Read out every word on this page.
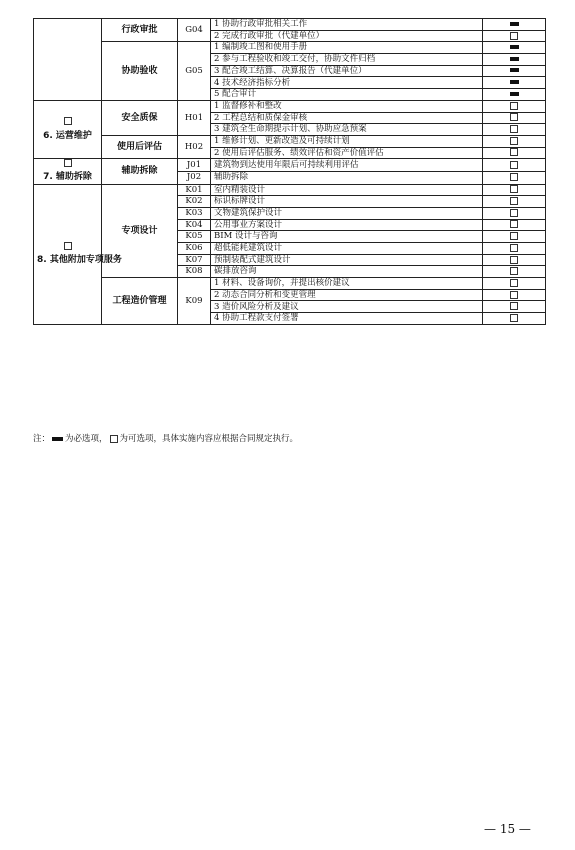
	行政审批	G04	1 协助行政审批相关工作	
			2 完成行政审批（代建单位）	
	协助验收	G05	1 编制竣工图和使用手册	
			2 参与工程验收和竣工交付，协助文件归档	
			3 配合竣工结算、决算报告（代建单位）	
			4 技术经济指标分析	
			5 配合审计	

6. 运营维护	安全质保	H01	1 监督修补和整改	
			2 工程总结和质保金审核	
			3 建筑全生命期提示计划、协助应急预案	
	使用后评估	H02	1 维修计划、更新改造及可持续计划	
			2 使用后评估服务、绩效评估和资产价值评估	

7. 辅助拆除	辅助拆除	J01	建筑物到达使用年限后可持续利用评估	
		J02	辅助拆除	

8. 其他附加专项服务	专项设计	K01	室内精装设计	
		K02	标识标牌设计	
		K03	文物建筑保护设计	
		K04	公用事业方案设计	
		K05	BIM 设计与咨询	
		K06	超低能耗建筑设计	
		K07	预制装配式建筑设计	
		K08	碳排放咨询	
	工程造价管理	K09	1 材料、设备询价，并提出核价建议	
			2 动态合同分析和变更管理	
			3 造价风险分析及建议	
			4 协助工程款支付签署	
注： 为必选项， 为可选项，具体实施内容应根据合同规定执行。
— 15 —
